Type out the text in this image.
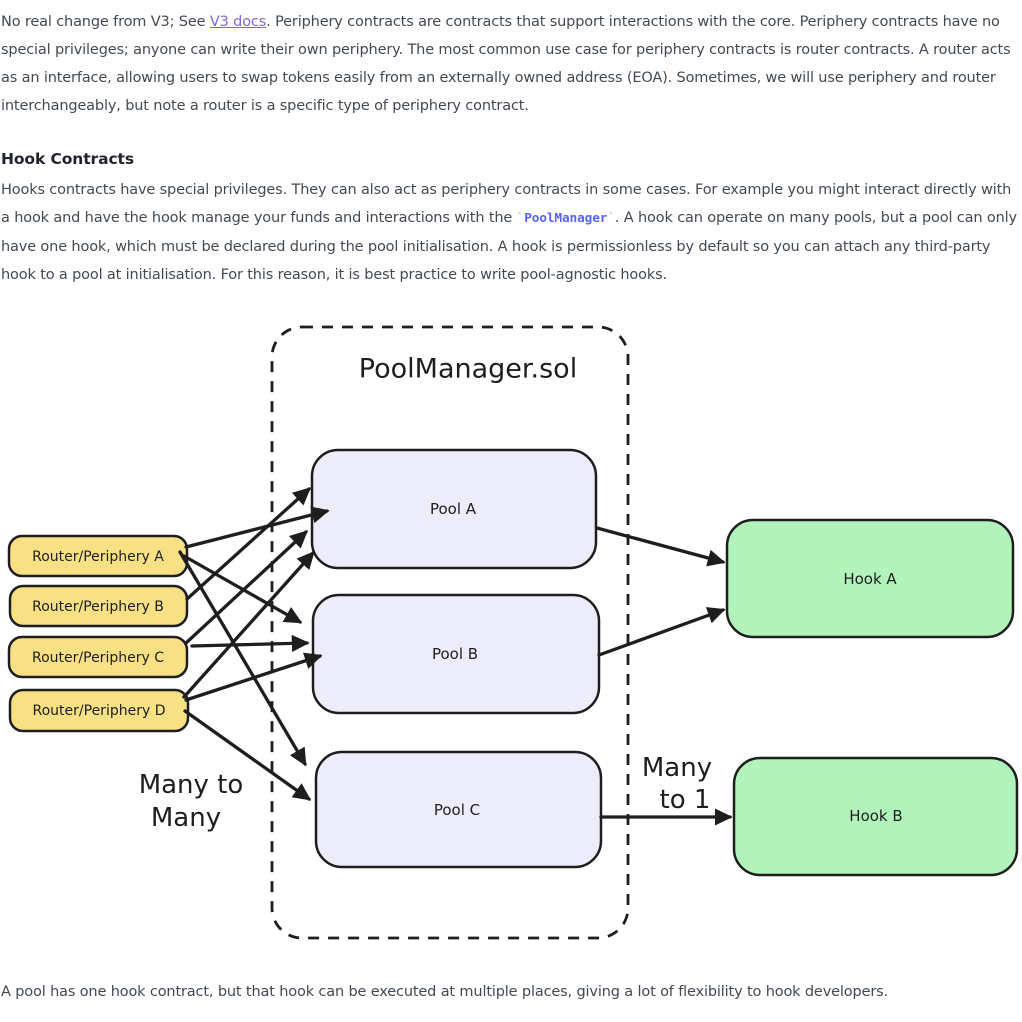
No real change from V3; See V3 docs. Periphery contracts are contracts that support interactions with the core. Periphery contracts have no special privileges; anyone can write their own periphery. The most common use case for periphery contracts is router contracts. A router acts as an interface, allowing users to swap tokens easily from an externally owned address (EOA). Sometimes, we will use periphery and router interchangeably, but note a router is a specific type of periphery contract.

Hook Contracts

Hooks contracts have special privileges. They can also act as periphery contracts in some cases. For example you might interact directly with a hook and have the hook manage your funds and interactions with the `PoolManager`. A hook can operate on many pools, but a pool can only have one hook, which must be declared during the pool initialisation. A hook is permissionless by default so you can attach any third-party hook to a pool at initialisation. For this reason, it is best practice to write pool-agnostic hooks.

PoolManager.sol
Pool A
Pool B
Pool C
Hook A
Hook B
Router/Periphery A
Router/Periphery B
Router/Periphery C
Router/Periphery D
Many to
Many
Many
to 1

A pool has one hook contract, but that hook can be executed at multiple places, giving a lot of flexibility to hook developers.
